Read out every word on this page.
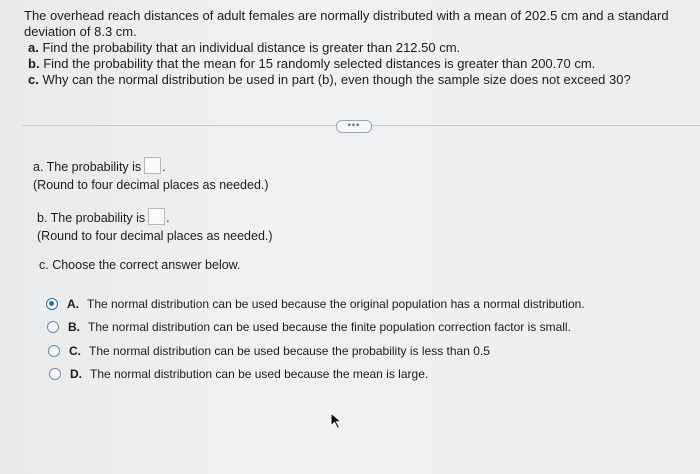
The overhead reach distances of adult females are normally distributed with a mean of 202.5 cm and a standard
deviation of 8.3 cm.
a. Find the probability that an individual distance is greater than 212.50 cm.
b. Find the probability that the mean for 15 randomly selected distances is greater than 200.70 cm.
c. Why can the normal distribution be used in part (b), even though the sample size does not exceed 30?
•••
a. The probability is .
(Round to four decimal places as needed.)
b. The probability is .
(Round to four decimal places as needed.)
c. Choose the correct answer below.
A. The normal distribution can be used because the original population has a normal distribution.
B. The normal distribution can be used because the finite population correction factor is small.
C. The normal distribution can be used because the probability is less than 0.5
D. The normal distribution can be used because the mean is large.
